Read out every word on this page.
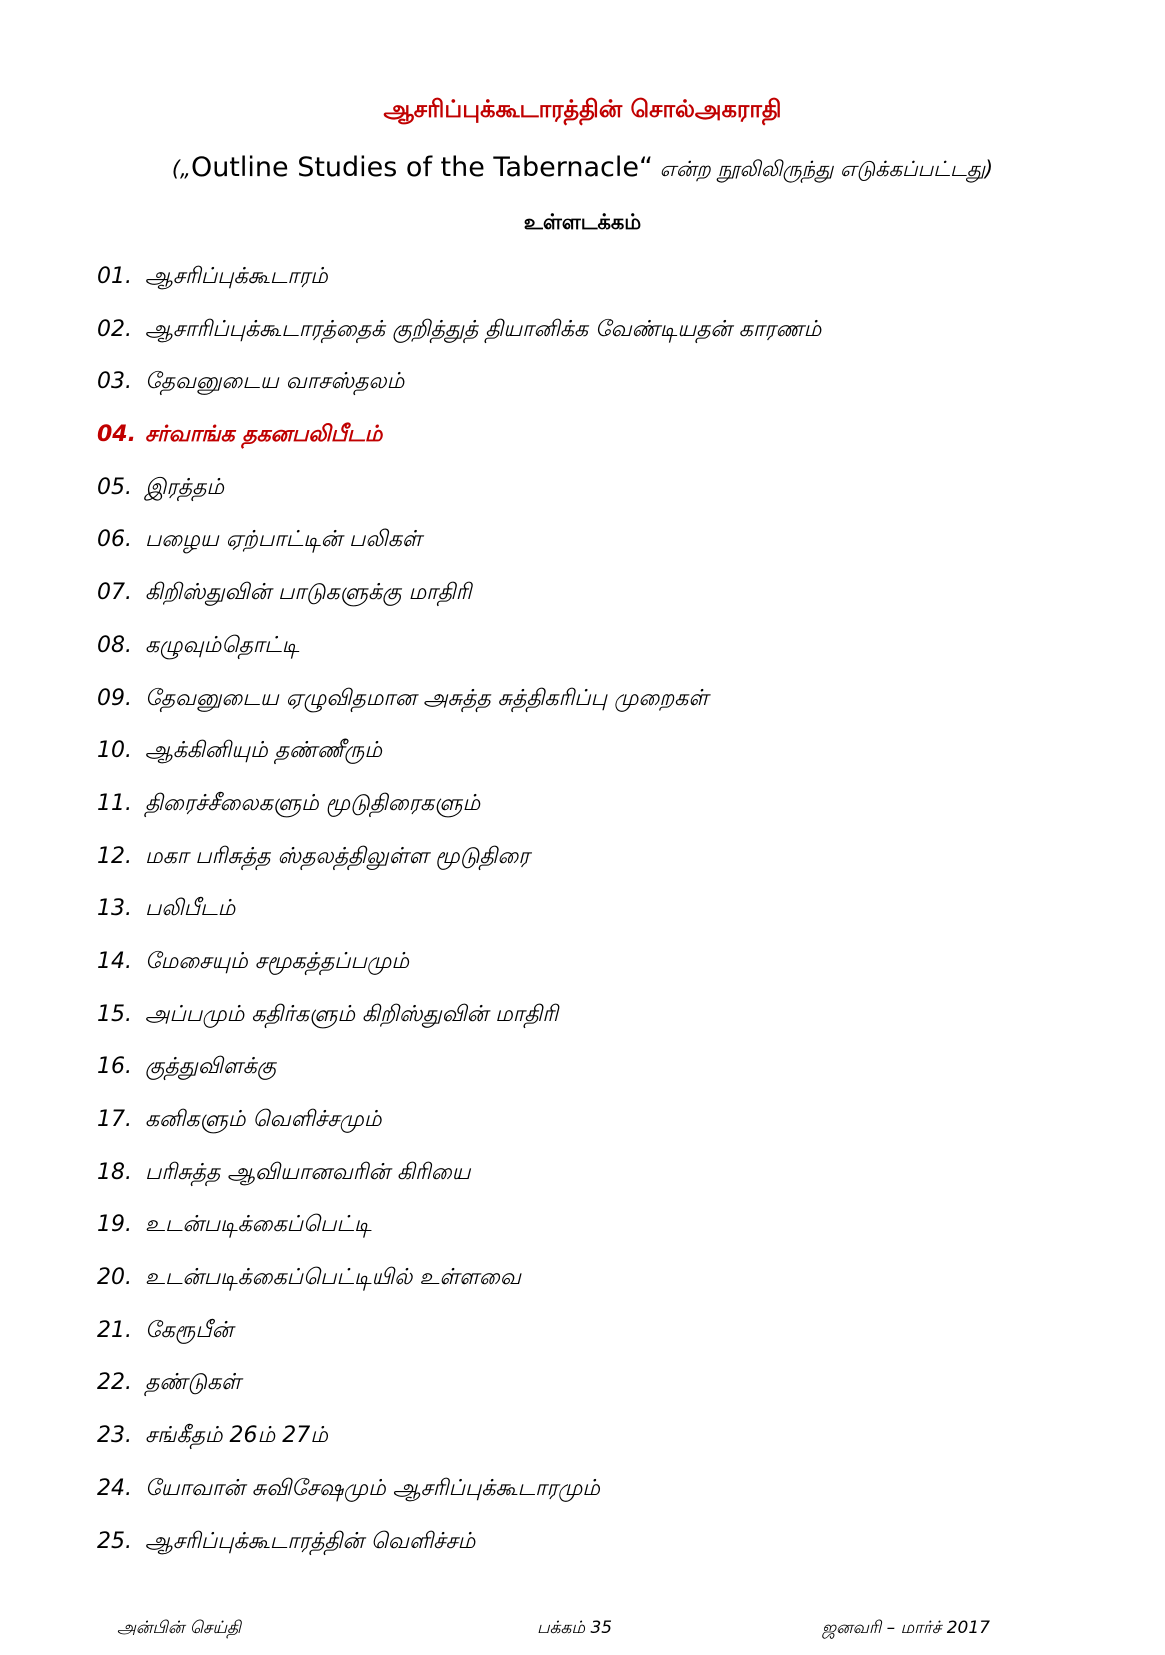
ஆசரிப்புக்கூடாரத்தின் சொல்அகராதி
(„Outline Studies of the Tabernacle“ என்ற நூலிலிருந்து எடுக்கப்பட்டது)
உள்ளடக்கம்
01. ஆசரிப்புக்கூடாரம்
02. ஆசாரிப்புக்கூடாரத்தைக் குறித்துத் தியானிக்க வேண்டியதன் காரணம்
03. தேவனுடைய வாசஸ்தலம்
04. சர்வாங்க தகனபலிபீடம்
05. இரத்தம்
06. பழைய ஏற்பாட்டின் பலிகள்
07. கிறிஸ்துவின் பாடுகளுக்கு மாதிரி
08. கழுவும்தொட்டி
09. தேவனுடைய ஏழுவிதமான அசுத்த சுத்திகரிப்பு முறைகள்
10. ஆக்கினியும் தண்ணீரும்
11. திரைச்சீலைகளும் மூடுதிரைகளும்
12. மகா பரிசுத்த ஸ்தலத்திலுள்ள மூடுதிரை
13. பலிபீடம்
14. மேசையும் சமூகத்தப்பமும்
15. அப்பமும் கதிர்களும் கிறிஸ்துவின் மாதிரி
16. குத்துவிளக்கு
17. கனிகளும் வெளிச்சமும்
18. பரிசுத்த ஆவியானவரின் கிரியை
19. உடன்படிக்கைப்பெட்டி
20. உடன்படிக்கைப்பெட்டியில் உள்ளவை
21. கேரூபீன்
22. தண்டுகள்
23. சங்கீதம் 26ம் 27ம்
24. யோவான் சுவிசேஷமும் ஆசரிப்புக்கூடாரமும்
25. ஆசரிப்புக்கூடாரத்தின் வெளிச்சம்
அன்பின் செய்தி	பக்கம் 35	ஜனவரி – மார்ச் 2017
